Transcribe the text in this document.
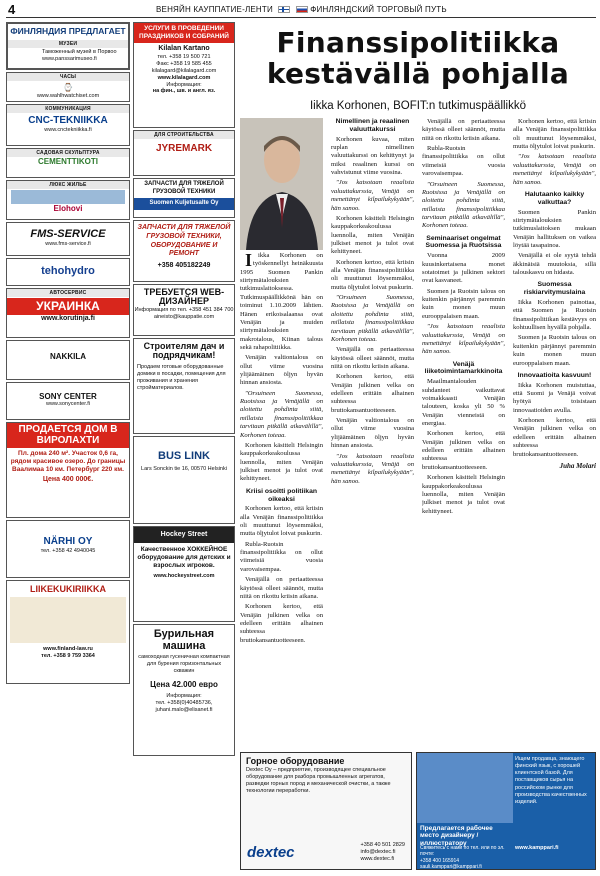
4	ВЕНЯЙН КАУППАТИЕ-ЛЕНТИ	ФИНЛЯНДСКИЙ ТОРГОВЫЙ ПУТЬ
ФИНЛЯНДИЯ ПРЕДЛАГАЕТ
МУЗЕИ
Таможенный музей в Порвоо
www.panssarimuseo.fi
ЧАСЫ
⌚
www.wahlhwatchiset.com
КОММУНИКАЦИЯ
CNC-TEKNIIKKA
www.cnctekniikka.fi
САДОВАЯ СКУЛЬПТУРА
CEMENTTIKOTI
ЛЮКС ЖИЛЬЕ
Elohovi
FMS-SERVICE
www.fms-service.fi
tehohydro
АВТОСЕРВИС
УКРАИНКА
www.korutinja.fi
NAKKILA
SONY CENTER
www.sonycenter.fi
ПРОДАЕТСЯ ДОМ В ВИРОЛАХТИ
Пл. дома 240 м². Участок 0,6 га, рядом красивое озеро. До границы Ваалимаа 10 км. Петербург 220 км.
Цена 400 000€.
NÄRHI OY
тел. +358 42 4940045
LIIKEKUKIRIIKKA
www.finland-law.ru
тел. +358 9 759 3364
УСЛУГИ В ПРОВЕДЕНИИ ПРАЗДНИКОВ И СОБРАНИЙ
Kilalan Kartano
тел. +358 19 500 721
Факс +358 19 585 455
kilalagard@kilalagard.com
www.kilalagard.com
Информация:
на фин., шв. и англ. яз.
ДЛЯ СТРОИТЕЛЬСТВА
JYREMARK
ЗАПЧАСТИ ДЛЯ ТЯЖЕЛОЙ ГРУЗОВОЙ ТЕХНИКИ
Suomen Kuljetusalte Oy
ЗАПЧАСТИ ДЛЯ ТЯЖЕЛОЙ ГРУЗОВОЙ ТЕХНИКИ, ОБОРУДОВАНИЕ И РЕМОНТ
+358 405182249
ТРЕБУЕТСЯ WEB-ДИЗАЙНЕР
Информация по тел. +358 451 384 700
aineisto@kauppatie.com
Строителям дач и подрядчикам!
Продаем готовые оборудованные домики в посадки, помещения для проживания и хранения стройматериалов.
BUS LINK
Lars Sonckin tie 16, 00570 Helsinki
Hockey Street
Качественное ХОККЕЙНОЕ оборудование для детских и взрослых игроков.
www.hockeystreet.com
Бурильная машина
самоходная гусеничная компактная для бурения горизонтальных скважин
Цена 42.000 евро
Информация:
тел. +358(0)40485736,
juhani.malo@elisanet.fi
Finanssipolitiikka
kestävällä pohjalla
Iikka Korhonen, BOFIT:n tutkimuspäällikkö

Iikka Korhonen on työskennellyt heinäkuusta 1995 Suomen Pankin siirtymätalouksien tutkimuslaitoksessa. Tutkimuspäällikkönä hän on toiminut 1.10.2009 lähtien. Hänen erikoisalaansa ovat Venäjän ja muiden siirtymätalouksien makrotalous, Kiinan talous sekä rahapolitiikka.

Venäjän valtiontalous on ollut viime vuosina ylijäämäinen öljyn hyvän hinnan ansiosta.

"Orsuineen Suomessa, Ruotsissa ja Venäjällä on aloitettu pohdinta siitä, millaista finanssipolitiikkaa tarvitaan pitkällä aikavälillä", Korhonen toteaa.

Korhonen käsitteli Helsingin kauppakorkeakoulussa luennolla, miten Venäjän julkiset menot ja tulot ovat kehittyneet.

Kriisi osoitti politiikan oikeaksi

Korhonen kertoo, että kriisin alla Venäjän finanssipolitiikka oli muuttunut löysemmäksi, mutta öljytulot loivat puskurin.

Rubla-Ruotsin finanssipolitiikka on ollut viimeisiä vuosia varovaisempaa.

Venäjällä on periaatteessa käytössä olleet säännöt, mutta niitä on rikottu kriisin aikana.

Korhonen kertoo, että Venäjän julkinen velka on edelleen erittäin alhainen suhteessa bruttokansantuotteeseen.

Nimellinen ja reaalinen valuuttakurssi

Korhonen kuvaa, miten ruplan nimellinen valuuttakurssi on kehittynyt ja miksi reaalinen kurssi on vahvistunut viime vuosina.

"Jos katsotaan reaalista valuuttakurssia, Venäjä on menettänyt kilpailukykyään", hän sanoo.

Korhonen käsitteli Helsingin kauppakorkeakoulussa luennolla, miten Venäjän julkiset menot ja tulot ovat kehittyneet.

Korhonen kertoo, että kriisin alla Venäjän finanssipolitiikka oli muuttunut löysemmäksi, mutta öljytulot loivat puskurin.

"Orsuineen Suomessa, Ruotsissa ja Venäjällä on aloitettu pohdinta siitä, millaista finanssipolitiikkaa tarvitaan pitkällä aikavälillä", Korhonen toteaa.

Venäjällä on periaatteessa käytössä olleet säännöt, mutta niitä on rikottu kriisin aikana.

Korhonen kertoo, että Venäjän julkinen velka on edelleen erittäin alhainen suhteessa bruttokansantuotteeseen.

Venäjän valtiontalous on ollut viime vuosina ylijäämäinen öljyn hyvän hinnan ansiosta.

"Jos katsotaan reaalista valuuttakurssia, Venäjä on menettänyt kilpailukykyään", hän sanoo.

Venäjällä on periaatteessa käytössä olleet säännöt, mutta niitä on rikottu kriisin aikana.

Rubla-Ruotsin finanssipolitiikka on ollut viimeisiä vuosia varovaisempaa.

"Orsuineen Suomessa, Ruotsissa ja Venäjällä on aloitettu pohdinta siitä, millaista finanssipolitiikkaa tarvitaan pitkällä aikavälillä", Korhonen toteaa.

Seminaariset ongelmat Suomessa ja Ruotsissa

Vuonna 2009 kuusinkertaisena monet sotatoimet ja julkinen sektori ovat kasvaneet.

Suomen ja Ruotsin talous on kuitenkin pärjännyt paremmin kuin monen muun eurooppalaisen maan.

"Jos katsotaan reaalista valuuttakurssia, Venäjä on menettänyt kilpailukykyään", hän sanoo.

Venäjä liiketoimintamarkkinoita

Maailmantalouden suhdanteet vaikuttavat voimakkaasti Venäjän talouteen, koska yli 50 % Venäjän vienneistä on energiaa.

Korhonen kertoo, että Venäjän julkinen velka on edelleen erittäin alhainen suhteessa bruttokansantuotteeseen.

Korhonen käsitteli Helsingin kauppakorkeakoulussa luennolla, miten Venäjän julkiset menot ja tulot ovat kehittyneet.

Korhonen kertoo, että kriisin alla Venäjän finanssipolitiikka oli muuttunut löysemmäksi, mutta öljytulot loivat puskurin.

"Jos katsotaan reaalista valuuttakurssia, Venäjä on menettänyt kilpailukykyään", hän sanoo.

Halutaanko kaikky valkuttaa?

Suomen Pankin siirtymätalouksien tutkimuslaitoksen mukaan Venäjän hallituksen on vaikea löytää tasapainoa.

Venäjällä ei ole syytä tehdä äkkinäisiä muutoksia, sillä talouskasvu on hidasta.

Suomessa riskiarvitymuslaina

Iikka Korhonen painottaa, että Suomen ja Ruotsin finanssipolitiikan kestävyys on kohtuullisen hyvällä pohjalla.

Suomen ja Ruotsin talous on kuitenkin pärjännyt paremmin kuin monen muun eurooppalaisen maan.

Innovaatioita kasvuun!

Iikka Korhonen muistuttaa, että Suomi ja Venäjä voivat hyötyä toisistaan innovaatioiden avulla.

Korhonen kertoo, että Venäjän julkinen velka on edelleen erittäin alhainen suhteessa bruttokansantuotteeseen.

Juha Molari
Горное оборудование
Dextec Oy – предприятие, производящее специальное оборудование для разбора промышленных агрегатов, разведки горных пород и механической очистки, а также технологии переработки.
dextec	+358 40 501 2829
info@dextec.fi
www.dextec.fi
Ищем продавца, знающего финский язык, с хорошей клиентской базой. Для поставщиков сырья на российском рынке для производства качественных изделий.
www.kamppari.fi
Предлагается рабочее место дизайнеру / иллюстратору
Свяжитесь с нами по тел. или по эл. почте:
+358 400 165914
sauli.kamppari@kamppari.fi
